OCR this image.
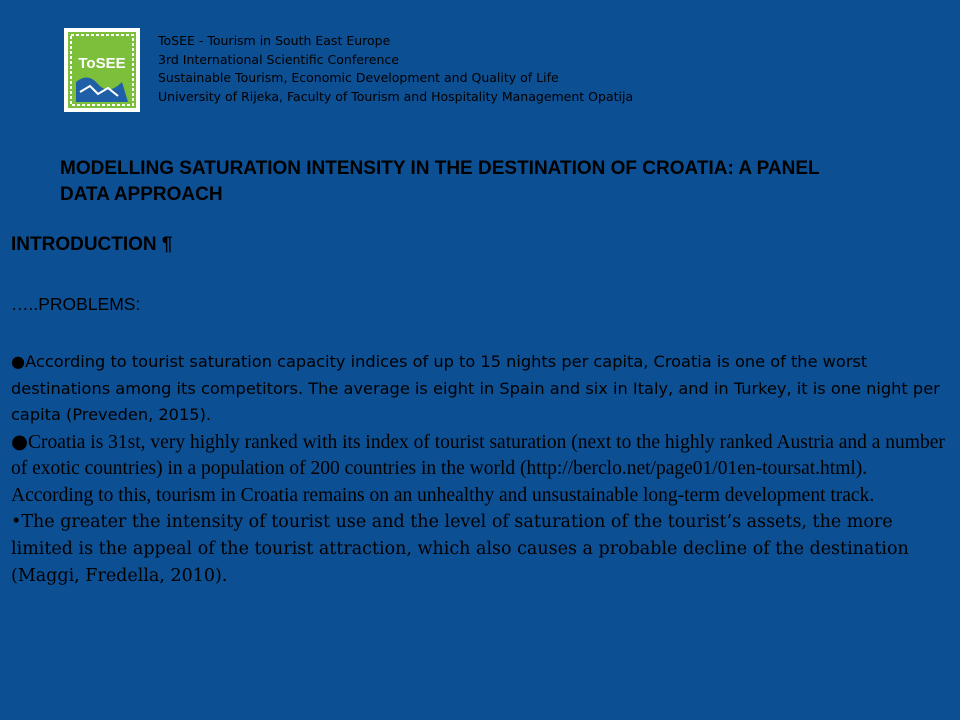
ToSEE
ToSEE - Tourism in South East Europe
3rd International Scientific Conference
Sustainable Tourism, Economic Development and Quality of Life
University of Rijeka, Faculty of Tourism and Hospitality Management Opatija
MODELLING SATURATION INTENSITY IN THE DESTINATION OF CROATIA: A PANEL DATA APPROACH
INTRODUCTION ¶
…..PROBLEMS:

●According to tourist saturation capacity indices of up to 15 nights per capita, Croatia is one of the worst destinations among its competitors. The average is eight in Spain and six in Italy, and in Turkey, it is one night per capita (Preveden, 2015).

●Croatia is 31st, very highly ranked with its index of tourist saturation (next to the highly ranked Austria and a number of exotic countries) in a population of 200 countries in the world (http://berclo.net/page01/01en-toursat.html). According to this, tourism in Croatia remains on an unhealthy and unsustainable long-term development track.

•The greater the intensity of tourist use and the level of saturation of the tourist’s assets, the more limited is the appeal of the tourist attraction, which also causes a probable decline of the destination (Maggi, Fredella, 2010).
